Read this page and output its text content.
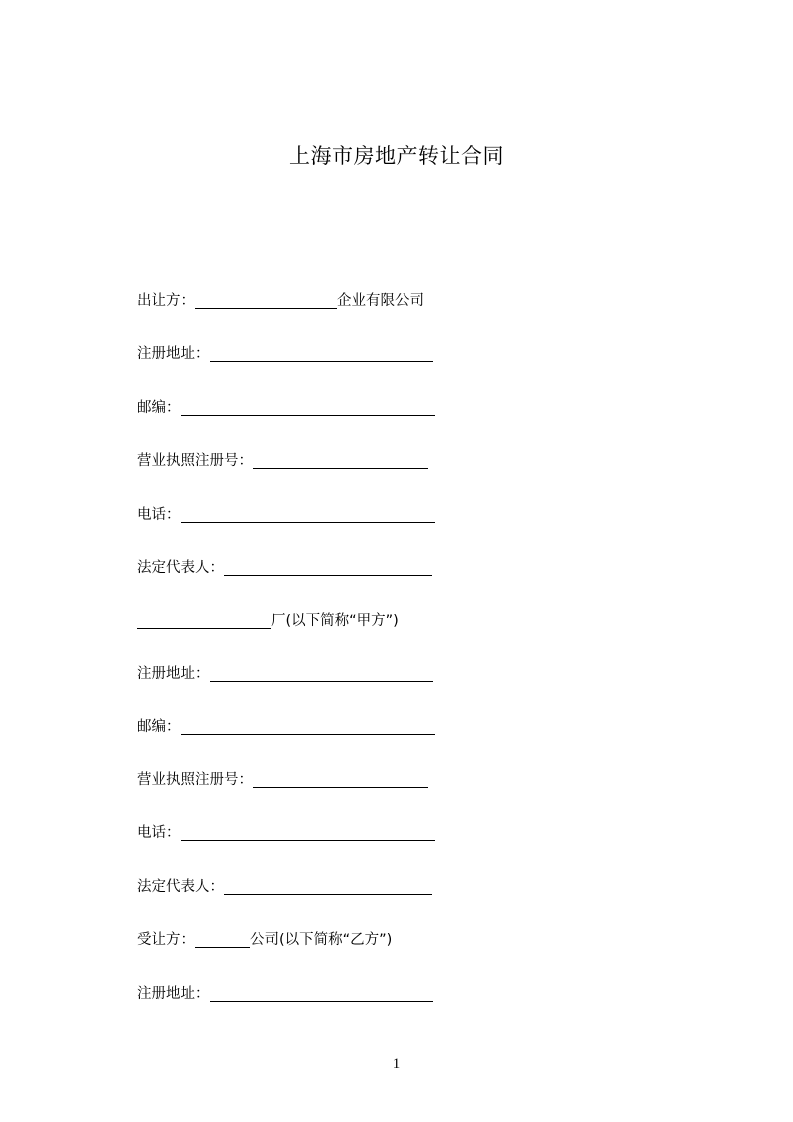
上海市房地产转让合同
出让方：	企业有限公司
注册地址：
邮编：
营业执照注册号：
电话：
法定代表人：
厂(以下简称“甲方”)
注册地址：
邮编：
营业执照注册号：
电话：
法定代表人：
受让方：	公司(以下简称“乙方”)
注册地址：
1
